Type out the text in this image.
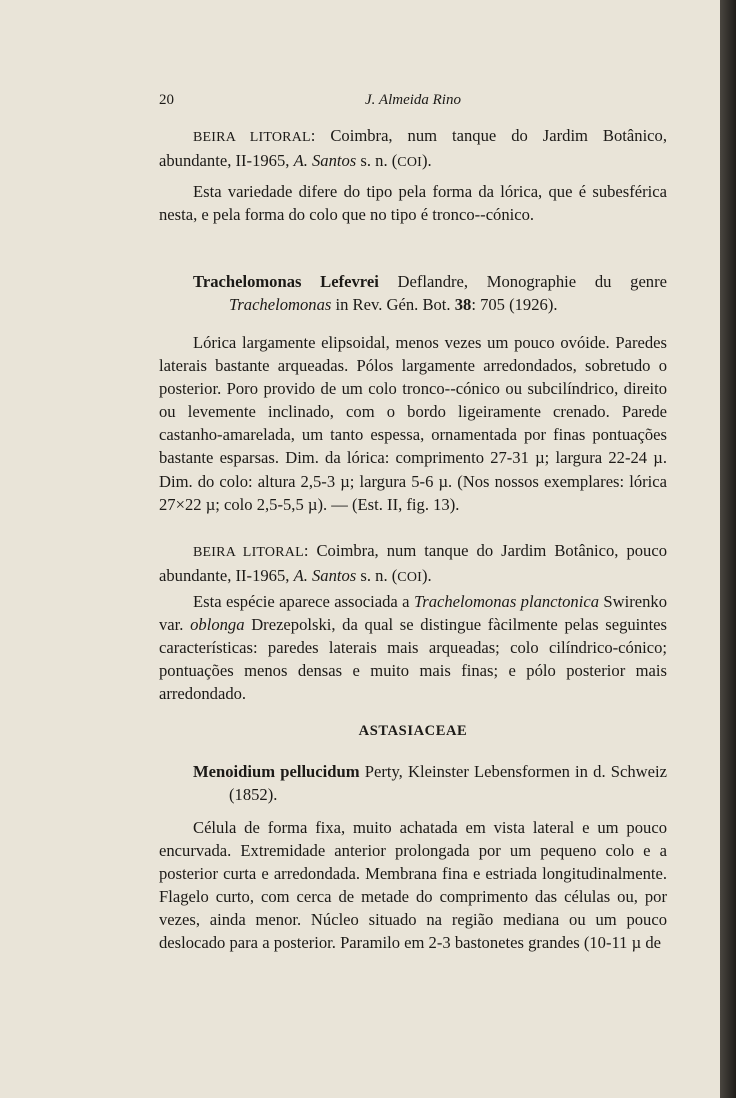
20	J. Almeida Rino

BEIRA LITORAL: Coimbra, num tanque do Jardim Botânico, abundante, II-1965, A. Santos s. n. (COI).

Esta variedade difere do tipo pela forma da lórica, que é subesférica nesta, e pela forma do colo que no tipo é tronco--cónico.

Trachelomonas Lefevrei Deflandre, Monographie du genre Trachelomonas in Rev. Gén. Bot. 38: 705 (1926).

Lórica largamente elipsoidal, menos vezes um pouco ovóide. Paredes laterais bastante arqueadas. Pólos largamente arredondados, sobretudo o posterior. Poro provido de um colo tronco--cónico ou subcilíndrico, direito ou levemente inclinado, com o bordo ligeiramente crenado. Parede castanho-amarelada, um tanto espessa, ornamentada por finas pontuações bastante esparsas. Dim. da lórica: comprimento 27-31 µ; largura 22-24 µ. Dim. do colo: altura 2,5-3 µ; largura 5-6 µ. (Nos nossos exemplares: lórica 27×22 µ; colo 2,5-5,5 µ). — (Est. II, fig. 13).

BEIRA LITORAL: Coimbra, num tanque do Jardim Botânico, pouco abundante, II-1965, A. Santos s. n. (COI).

Esta espécie aparece associada a Trachelomonas planctonica Swirenko var. oblonga Drezepolski, da qual se distingue fàcilmente pelas seguintes características: paredes laterais mais arqueadas; colo cilíndrico-cónico; pontuações menos densas e muito mais finas; e pólo posterior mais arredondado.

ASTASIACEAE

Menoidium pellucidum Perty, Kleinster Lebensformen in d. Schweiz (1852).

Célula de forma fixa, muito achatada em vista lateral e um pouco encurvada. Extremidade anterior prolongada por um pequeno colo e a posterior curta e arredondada. Membrana fina e estriada longitudinalmente. Flagelo curto, com cerca de metade do comprimento das células ou, por vezes, ainda menor. Núcleo situado na região mediana ou um pouco deslocado para a posterior. Paramilo em 2-3 bastonetes grandes (10-11 µ de
